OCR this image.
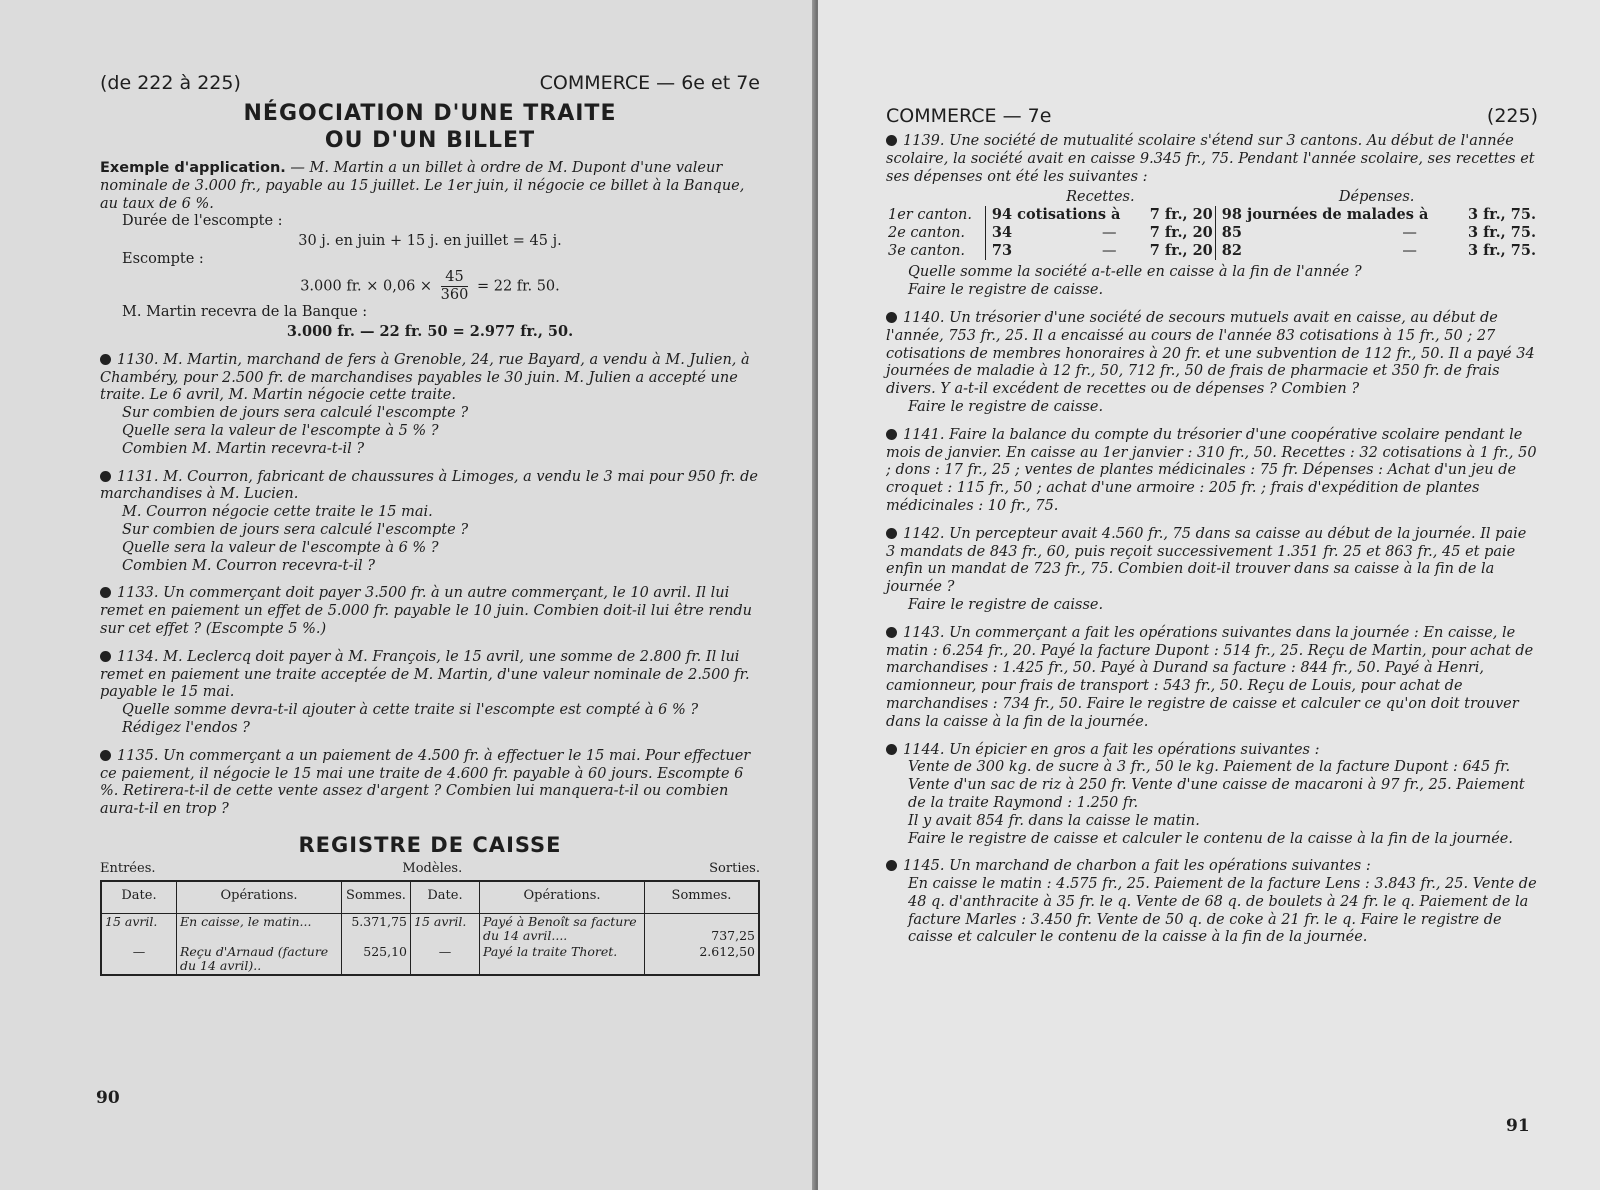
(de 222 à 225)	COMMERCE — 6e et 7e
NÉGOCIATION D'UNE TRAITE
OU D'UN BILLET

Exemple d'application. — M. Martin a un billet à ordre de M. Dupont d'une valeur nominale de 3.000 fr., payable au 15 juillet. Le 1er juin, il négocie ce billet à la Banque, au taux de 6 %.

Durée de l'escompte :

30 j. en juin + 15 j. en juillet = 45 j.

Escompte :

3.000 fr. × $0,06 \times \frac{45}{360} = 22$ fr. 50.

M. Martin recevra de la Banque :

3.000 fr. — 22 fr. 50 = 2.977 fr., 50.

1130. M. Martin, marchand de fers à Grenoble, 24, rue Bayard, a vendu à M. Julien, à Chambéry, pour 2.500 fr. de marchandises payables le 30 juin. M. Julien a accepté une traite. Le 6 avril, M. Martin négocie cette traite.

Sur combien de jours sera calculé l'escompte ?

Quelle sera la valeur de l'escompte à 5 % ?

Combien M. Martin recevra-t-il ?

1131. M. Courron, fabricant de chaussures à Limoges, a vendu le 3 mai pour 950 fr. de marchandises à M. Lucien.

M. Courron négocie cette traite le 15 mai.

Sur combien de jours sera calculé l'escompte ?

Quelle sera la valeur de l'escompte à 6 % ?

Combien M. Courron recevra-t-il ?

1133. Un commerçant doit payer 3.500 fr. à un autre commerçant, le 10 avril. Il lui remet en paiement un effet de 5.000 fr. payable le 10 juin. Combien doit-il lui être rendu sur cet effet ? (Escompte 5 %.)

1134. M. Leclercq doit payer à M. François, le 15 avril, une somme de 2.800 fr. Il lui remet en paiement une traite acceptée de M. Martin, d'une valeur nominale de 2.500 fr. payable le 15 mai.

Quelle somme devra-t-il ajouter à cette traite si l'escompte est compté à 6 % ?

Rédigez l'endos ?

1135. Un commerçant a un paiement de 4.500 fr. à effectuer le 15 mai. Pour effectuer ce paiement, il négocie le 15 mai une traite de 4.600 fr. payable à 60 jours. Escompte 6 %. Retirera-t-il de cette vente assez d'argent ? Combien lui manquera-t-il ou combien aura-t-il en trop ?

REGISTRE DE CAISSE
Entrées.	Modèles.	Sorties.
Date.	Opérations.	Sommes.	Date.	Opérations.	Sommes.
15 avril.	En caisse, le matin...	5.371,75	15 avril.	Payé à Benoît sa facture du 14 avril....	737,25
—	Reçu d'Arnaud (facture du 14 avril)..	525,10	—	Payé la traite Thoret.	2.612,50
90
COMMERCE — 7e	(225)

1139. Une société de mutualité scolaire s'étend sur 3 cantons. Au début de l'année scolaire, la société avait en caisse 9.345 fr., 75. Pendant l'année scolaire, ses recettes et ses dépenses ont été les suivantes :

	Recettes.			Dépenses.		
1er canton.	94 cotisations à		7 fr., 20	98 journées de malades à		3 fr., 75.
2e canton.	34	—	7 fr., 20	85	—	3 fr., 75.
3e canton.	73	—	7 fr., 20	82	—	3 fr., 75.

Quelle somme la société a-t-elle en caisse à la fin de l'année ?

Faire le registre de caisse.

1140. Un trésorier d'une société de secours mutuels avait en caisse, au début de l'année, 753 fr., 25. Il a encaissé au cours de l'année 83 cotisations à 15 fr., 50 ; 27 cotisations de membres honoraires à 20 fr. et une subvention de 112 fr., 50. Il a payé 34 journées de maladie à 12 fr., 50, 712 fr., 50 de frais de pharmacie et 350 fr. de frais divers. Y a-t-il excédent de recettes ou de dépenses ? Combien ?

Faire le registre de caisse.

1141. Faire la balance du compte du trésorier d'une coopérative scolaire pendant le mois de janvier. En caisse au 1er janvier : 310 fr., 50. Recettes : 32 cotisations à 1 fr., 50 ; dons : 17 fr., 25 ; ventes de plantes médicinales : 75 fr. Dépenses : Achat d'un jeu de croquet : 115 fr., 50 ; achat d'une armoire : 205 fr. ; frais d'expédition de plantes médicinales : 10 fr., 75.

1142. Un percepteur avait 4.560 fr., 75 dans sa caisse au début de la journée. Il paie 3 mandats de 843 fr., 60, puis reçoit successivement 1.351 fr. 25 et 863 fr., 45 et paie enfin un mandat de 723 fr., 75. Combien doit-il trouver dans sa caisse à la fin de la journée ?

Faire le registre de caisse.

1143. Un commerçant a fait les opérations suivantes dans la journée : En caisse, le matin : 6.254 fr., 20. Payé la facture Dupont : 514 fr., 25. Reçu de Martin, pour achat de marchandises : 1.425 fr., 50. Payé à Durand sa facture : 844 fr., 50. Payé à Henri, camionneur, pour frais de transport : 543 fr., 50. Reçu de Louis, pour achat de marchandises : 734 fr., 50. Faire le registre de caisse et calculer ce qu'on doit trouver dans la caisse à la fin de la journée.

1144. Un épicier en gros a fait les opérations suivantes :

Vente de 300 kg. de sucre à 3 fr., 50 le kg. Paiement de la facture Dupont : 645 fr. Vente d'un sac de riz à 250 fr. Vente d'une caisse de macaroni à 97 fr., 25. Paiement de la traite Raymond : 1.250 fr.

Il y avait 854 fr. dans la caisse le matin.

Faire le registre de caisse et calculer le contenu de la caisse à la fin de la journée.

1145. Un marchand de charbon a fait les opérations suivantes :

En caisse le matin : 4.575 fr., 25. Paiement de la facture Lens : 3.843 fr., 25. Vente de 48 q. d'anthracite à 35 fr. le q. Vente de 68 q. de boulets à 24 fr. le q. Paiement de la facture Marles : 3.450 fr. Vente de 50 q. de coke à 21 fr. le q. Faire le registre de caisse et calculer le contenu de la caisse à la fin de la journée.

91
